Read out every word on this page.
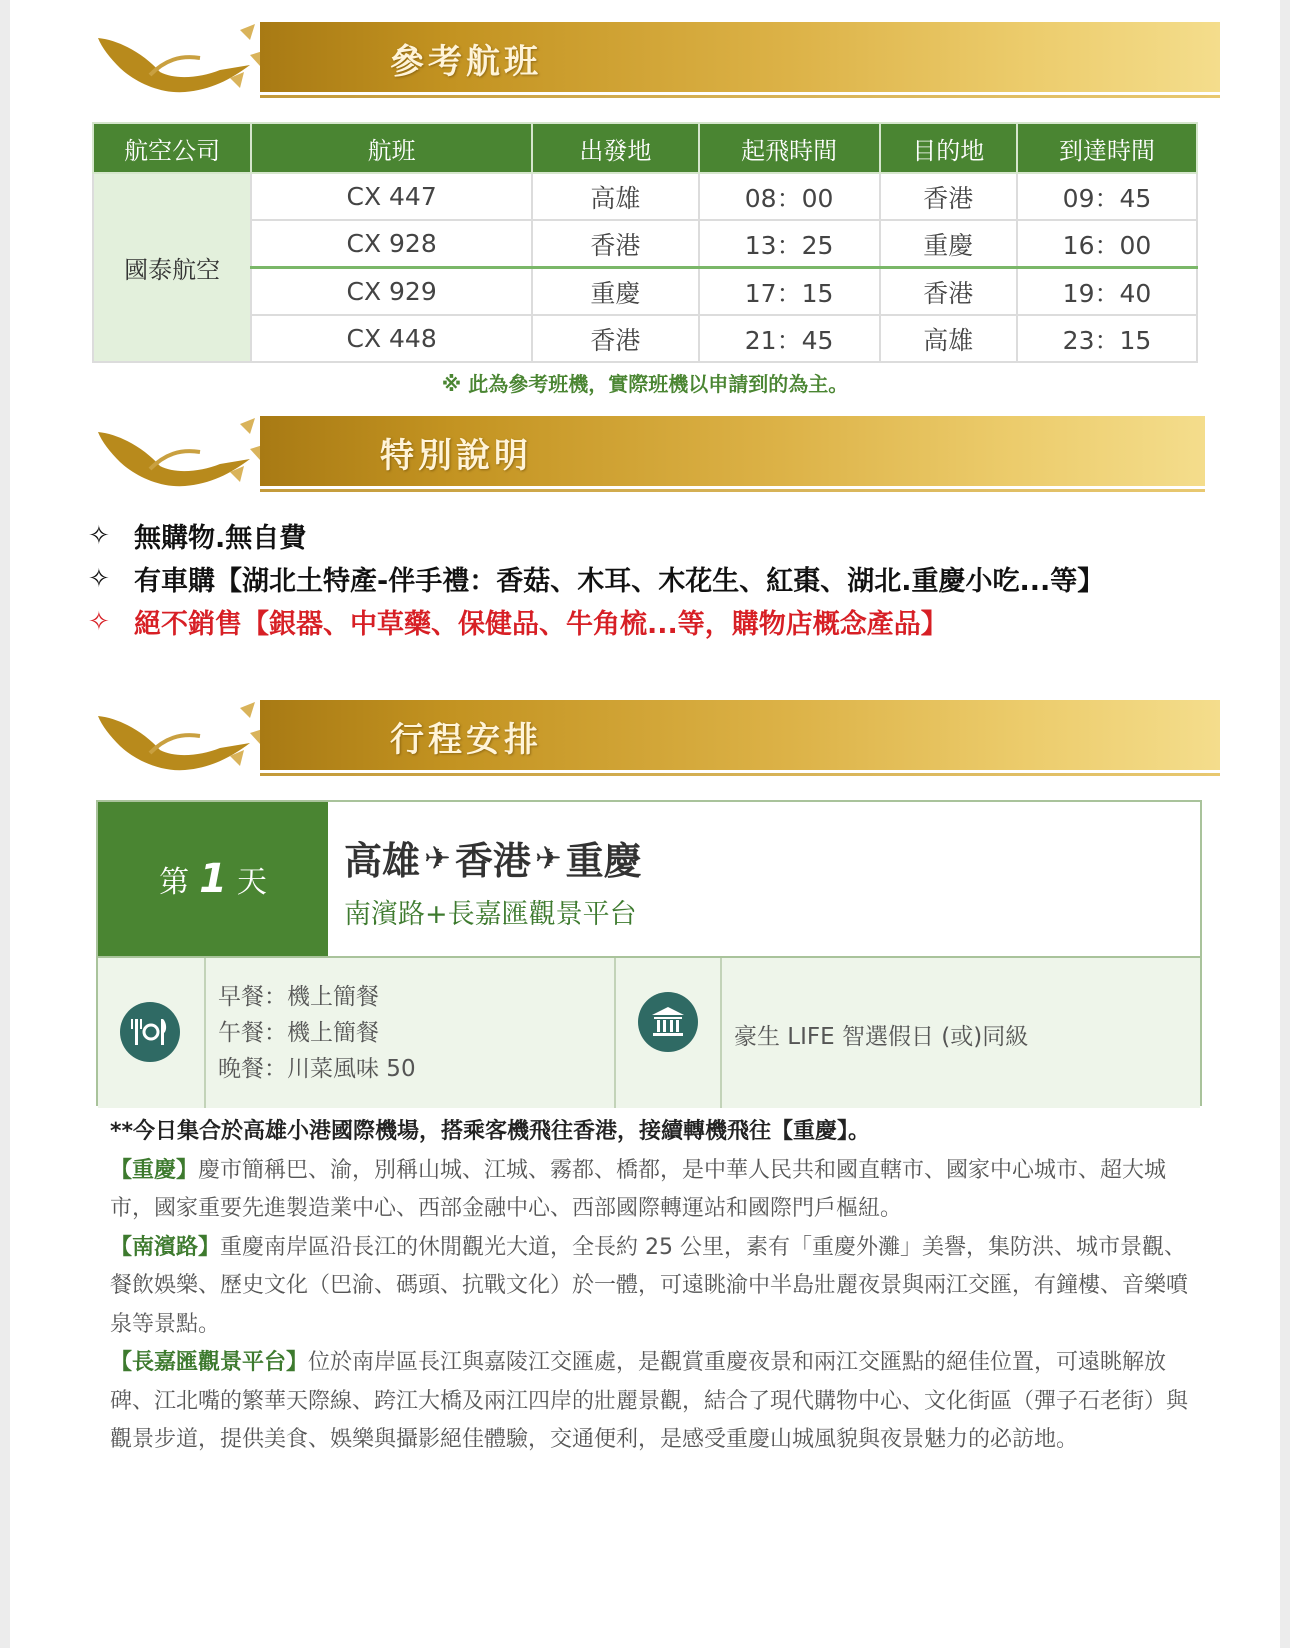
參考航班
航空公司	航班	出發地	起飛時間	目的地	到達時間
國泰航空	CX 447	高雄	08：00	香港	09：45
	CX 928	香港	13：25	重慶	16：00
	CX 929	重慶	17：15	香港	19：40
	CX 448	香港	21：45	高雄	23：15
※ 此為參考班機，實際班機以申請到的為主。
特別說明
✧ 無購物.無自費
✧ 有車購【湖北土特產-伴手禮：香菇、木耳、木花生、紅棗、湖北.重慶小吃...等】
✧ 絕不銷售【銀器、中草藥、保健品、牛角梳...等，購物店概念產品】
行程安排
第 1 天 高雄 ✈ 香港 ✈ 重慶
南濱路+長嘉匯觀景平台
早餐：機上簡餐
午餐：機上簡餐
晚餐：川菜風味 50
豪生 LIFE 智選假日 (或)同級
**今日集合於高雄小港國際機場，搭乘客機飛往香港，接續轉機飛往【重慶】。
【重慶】慶市簡稱巴、渝，別稱山城、江城、霧都、橋都，是中華人民共和國直轄市、國家中心城市、超大城市，國家重要先進製造業中心、西部金融中心、西部國際轉運站和國際門戶樞紐。
【南濱路】重慶南岸區沿長江的休閒觀光大道，全長約 25 公里，素有「重慶外灘」美譽，集防洪、城市景觀、餐飲娛樂、歷史文化（巴渝、碼頭、抗戰文化）於一體，可遠眺渝中半島壯麗夜景與兩江交匯，有鐘樓、音樂噴泉等景點。
【長嘉匯觀景平台】位於南岸區長江與嘉陵江交匯處，是觀賞重慶夜景和兩江交匯點的絕佳位置，可遠眺解放碑、江北嘴的繁華天際線、跨江大橋及兩江四岸的壯麗景觀，結合了現代購物中心、文化街區（彈子石老街）與觀景步道，提供美食、娛樂與攝影絕佳體驗，交通便利，是感受重慶山城風貌與夜景魅力的必訪地。
